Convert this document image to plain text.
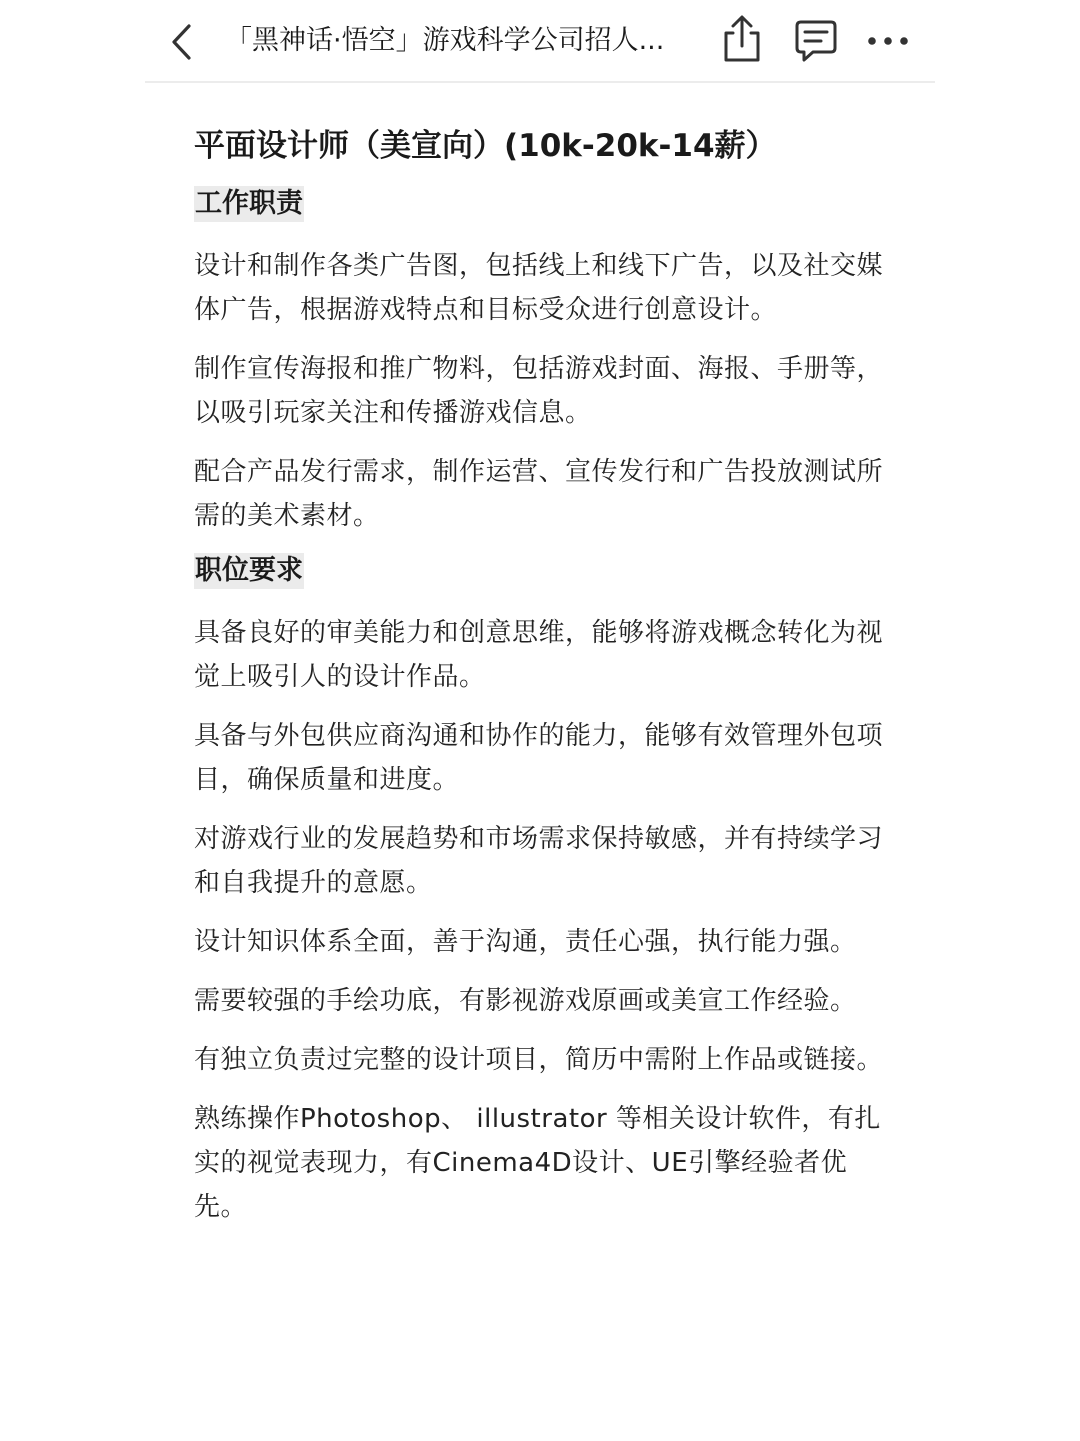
「黑神话·悟空」游戏科学公司招人...
平面设计师（美宣向）(10k-20k-14薪）
工作职责

设计和制作各类广告图，包括线上和线下广告，以及社交媒体广告，根据游戏特点和目标受众进行创意设计。

制作宣传海报和推广物料，包括游戏封面、海报、手册等，以吸引玩家关注和传播游戏信息。

配合产品发行需求，制作运营、宣传发行和广告投放测试所需的美术素材。

职位要求

具备良好的审美能力和创意思维，能够将游戏概念转化为视觉上吸引人的设计作品。

具备与外包供应商沟通和协作的能力，能够有效管理外包项目，确保质量和进度。

对游戏行业的发展趋势和市场需求保持敏感，并有持续学习和自我提升的意愿。

设计知识体系全面，善于沟通，责任心强，执行能力强。

需要较强的手绘功底，有影视游戏原画或美宣工作经验。

有独立负责过完整的设计项目，简历中需附上作品或链接。

熟练操作Photoshop、 illustrator 等相关设计软件，有扎实的视觉表现力，有Cinema4D设计、UE引擎经验者优先。
